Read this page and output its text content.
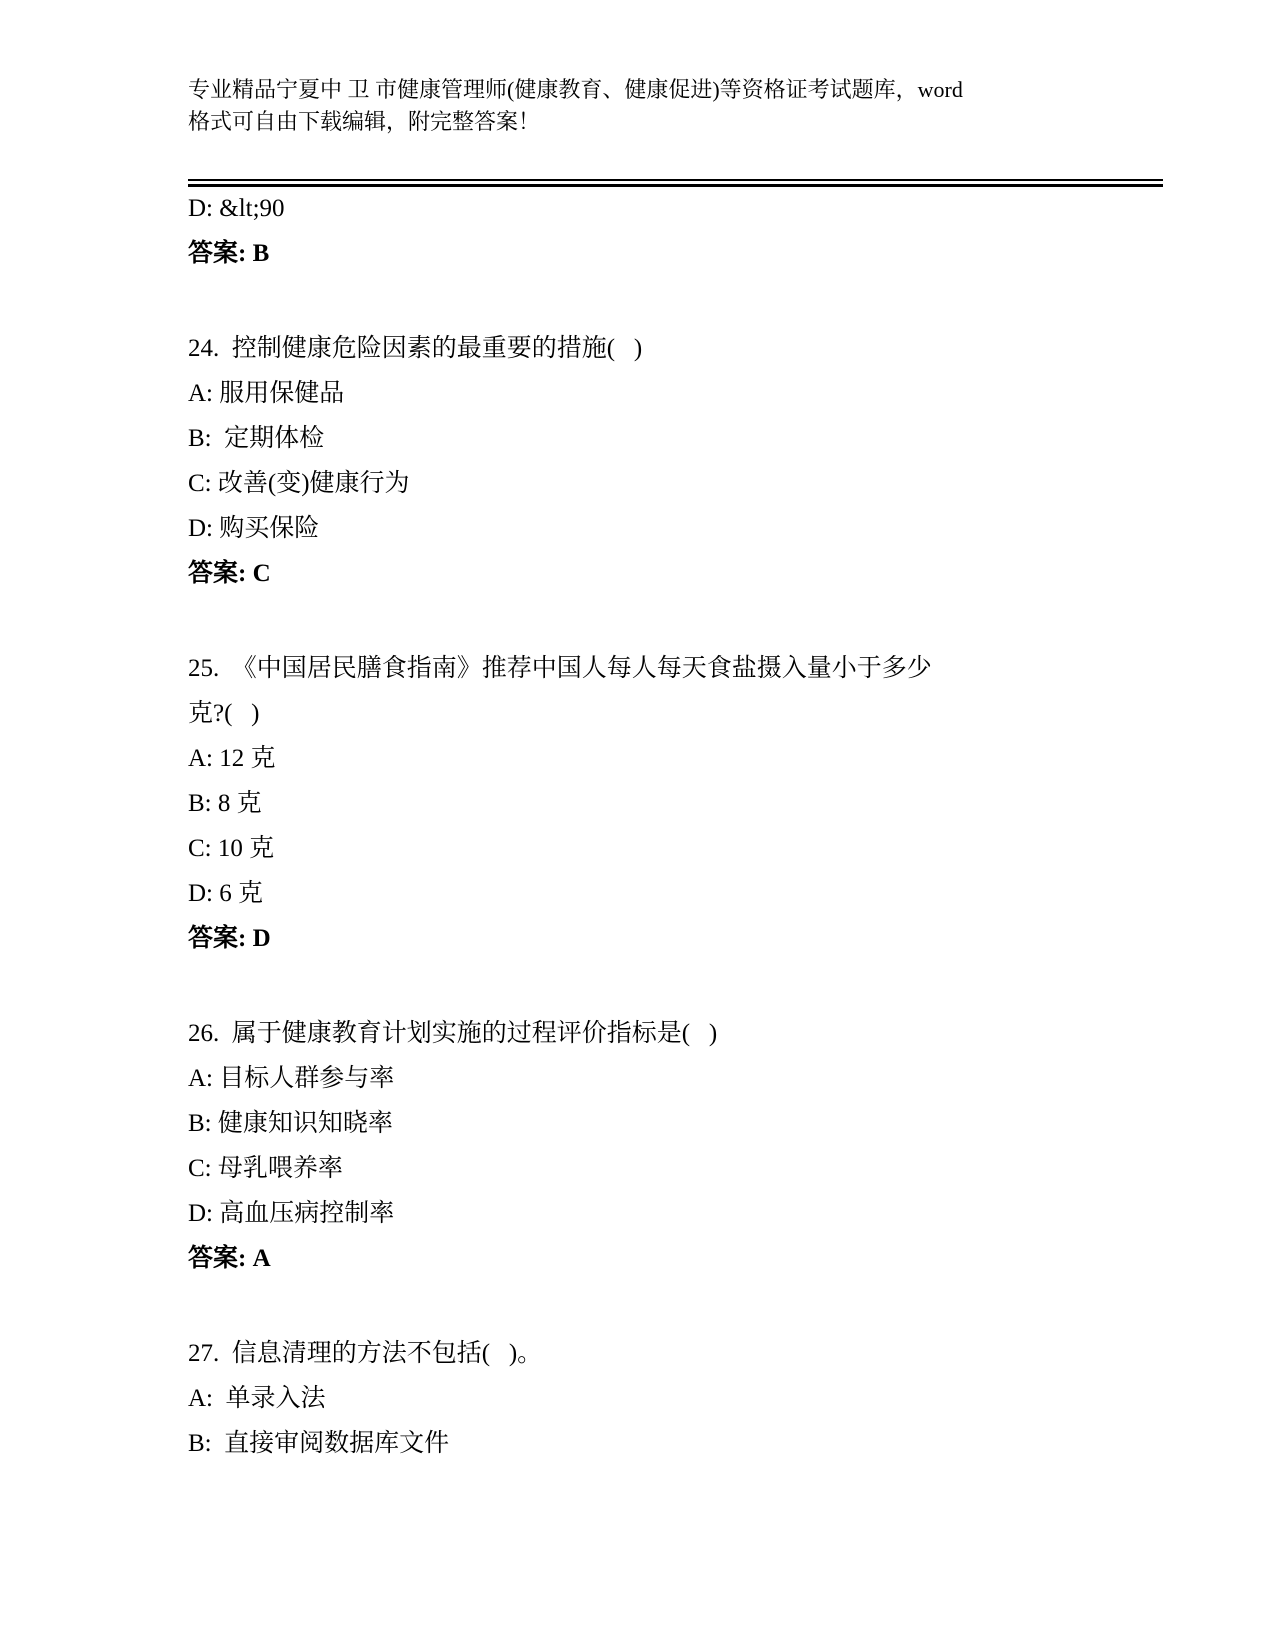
专业精品宁夏中 卫 市健康管理师(健康教育、健康促进)等资格证考试题库，word

格式可自由下载编辑，附完整答案！

D: &lt;90

答案: B

24.  控制健康危险因素的最重要的措施(   )

A: 服用保健品

B:  定期体检

C: 改善(变)健康行为

D: 购买保险

答案: C

25.  《中国居民膳食指南》推荐中国人每人每天食盐摄入量小于多少

克?(   )

A: 12 克

B: 8 克

C: 10 克

D: 6 克

答案: D

26.  属于健康教育计划实施的过程评价指标是(   )

A: 目标人群参与率

B: 健康知识知晓率

C: 母乳喂养率

D: 高血压病控制率

答案: A

27.  信息清理的方法不包括(   )。

A:  单录入法

B:  直接审阅数据库文件
